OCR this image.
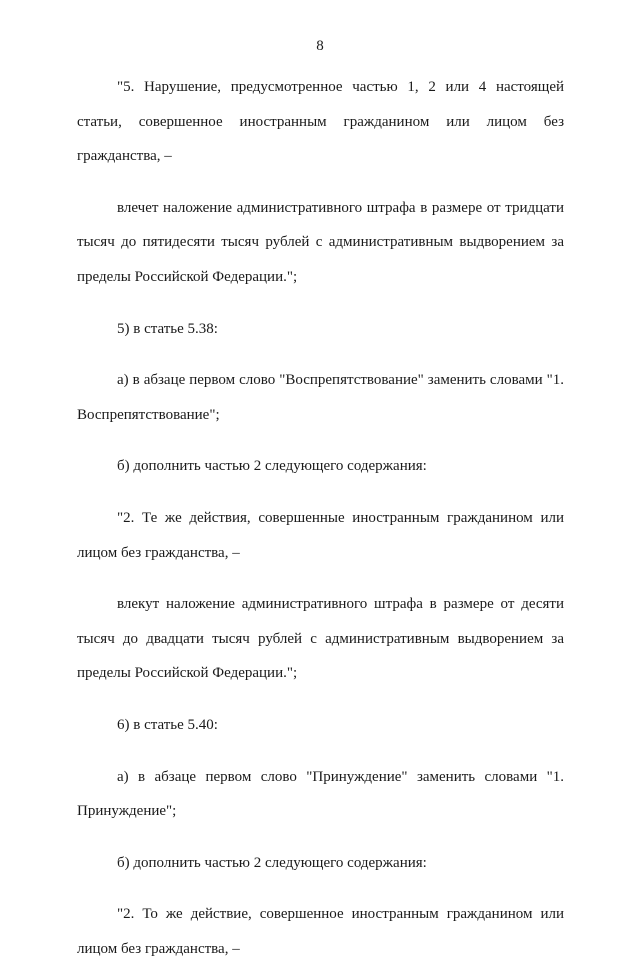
8

"5. Нарушение, предусмотренное частью 1, 2 или 4 настоящей статьи, совершенное иностранным гражданином или лицом без гражданства, –

влечет наложение административного штрафа в размере от тридцати тысяч до пятидесяти тысяч рублей с административным выдворением за пределы Российской Федерации.";

5) в статье 5.38:

а) в абзаце первом слово "Воспрепятствование" заменить словами "1. Воспрепятствование";

б) дополнить частью 2 следующего содержания:

"2. Те же действия, совершенные иностранным гражданином или лицом без гражданства, –

влекут наложение административного штрафа в размере от десяти тысяч до двадцати тысяч рублей с административным выдворением за пределы Российской Федерации.";

6) в статье 5.40:

а) в абзаце первом слово "Принуждение" заменить словами "1. Принуждение";

б) дополнить частью 2 следующего содержания:

"2. То же действие, совершенное иностранным гражданином или лицом без гражданства, –
